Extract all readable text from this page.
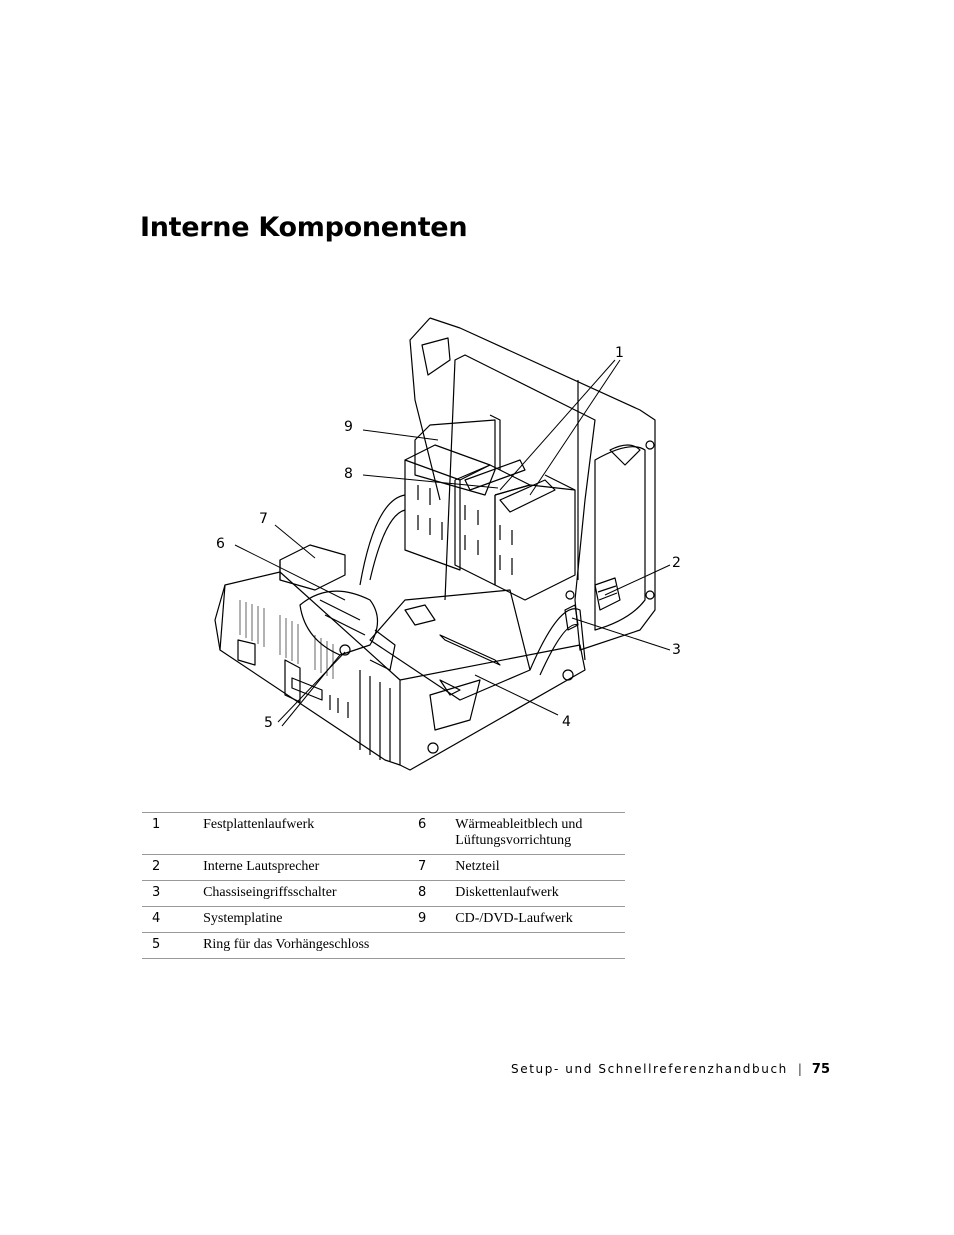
Interne Komponenten
1
2
3
4
5
6
7
8
9
1	Festplattenlaufwerk	6	Wärmeableitblech und Lüftungsvorrichtung
2	Interne Lautsprecher	7	Netzteil
3	Chassiseingriffsschalter	8	Diskettenlaufwerk
4	Systemplatine	9	CD-/DVD-Laufwerk
5	Ring für das Vorhängeschloss		
Setup- und Schnellreferenzhandbuch | 75
